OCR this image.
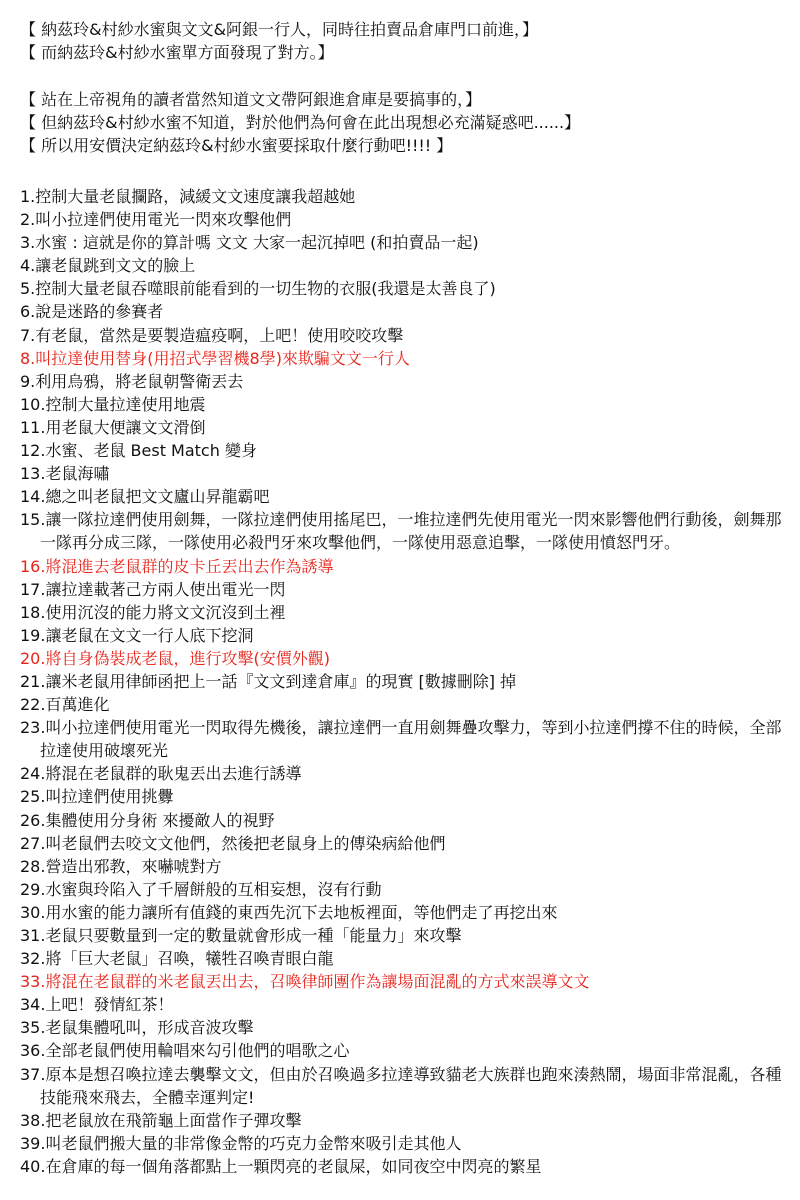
【 納茲玲&村紗水蜜與文文&阿銀一行人，同時往拍賣品倉庫門口前進，】
【 而納茲玲&村紗水蜜單方面發現了對方。】
【 站在上帝視角的讀者當然知道文文帶阿銀進倉庫是要搞事的，】
【 但納茲玲&村紗水蜜不知道，對於他們為何會在此出現想必充滿疑惑吧......】
【 所以用安價決定納茲玲&村紗水蜜要採取什麼行動吧!!!! 】
1.控制大量老鼠攔路，減緩文文速度讓我超越她
2.叫小拉達們使用電光一閃來攻擊他們
3.水蜜 : 這就是你的算計嗎 文文 大家一起沉掉吧 (和拍賣品一起)
4.讓老鼠跳到文文的臉上
5.控制大量老鼠吞噬眼前能看到的一切生物的衣服(我還是太善良了)
6.說是迷路的參賽者
7.有老鼠，當然是要製造瘟疫啊，上吧！使用咬咬攻擊
8.叫拉達使用替身(用招式學習機8學)來欺騙文文一行人
9.利用烏鴉，將老鼠朝警衛丟去
10.控制大量拉達使用地震
11.用老鼠大便讓文文滑倒
12.水蜜、老鼠 Best Match 變身
13.老鼠海嘯
14.總之叫老鼠把文文廬山昇龍霸吧
15.讓一隊拉達們使用劍舞，一隊拉達們使用搖尾巴，一堆拉達們先使用電光一閃來影響他們行動後，劍舞那一隊再分成三隊，一隊使用必殺門牙來攻擊他們，一隊使用惡意追擊，一隊使用憤怒門牙。
16.將混進去老鼠群的皮卡丘丟出去作為誘導
17.讓拉達載著己方兩人使出電光一閃
18.使用沉沒的能力將文文沉沒到土裡
19.讓老鼠在文文一行人底下挖洞
20.將自身偽裝成老鼠，進行攻擊(安價外觀)
21.讓米老鼠用律師函把上一話『文文到達倉庫』的現實 [數據刪除] 掉
22.百萬進化
23.叫小拉達們使用電光一閃取得先機後，讓拉達們一直用劍舞疊攻擊力，等到小拉達們撐不住的時候，全部拉達使用破壞死光
24.將混在老鼠群的耿鬼丟出去進行誘導
25.叫拉達們使用挑釁
26.集體使用分身術 來擾敵人的視野
27.叫老鼠們去咬文文他們，然後把老鼠身上的傳染病給他們
28.營造出邪教，來嚇唬對方
29.水蜜與玲陷入了千層餅般的互相妄想，沒有行動
30.用水蜜的能力讓所有值錢的東西先沉下去地板裡面，等他們走了再挖出來
31.老鼠只要數量到一定的數量就會形成一種「能量力」來攻擊
32.將「巨大老鼠」召喚，犧牲召喚青眼白龍
33.將混在老鼠群的米老鼠丟出去，召喚律師團作為讓場面混亂的方式來誤導文文
34.上吧！發情紅茶！
35.老鼠集體吼叫，形成音波攻擊
36.全部老鼠們使用輪唱來勾引他們的唱歌之心
37.原本是想召喚拉達去襲擊文文，但由於召喚過多拉達導致貓老大族群也跑來湊熱鬧，場面非常混亂，各種技能飛來飛去，全體幸運判定!
38.把老鼠放在飛箭龜上面當作子彈攻擊
39.叫老鼠們搬大量的非常像金幣的巧克力金幣來吸引走其他人
40.在倉庫的每一個角落都點上一顆閃亮的老鼠屎，如同夜空中閃亮的繁星
